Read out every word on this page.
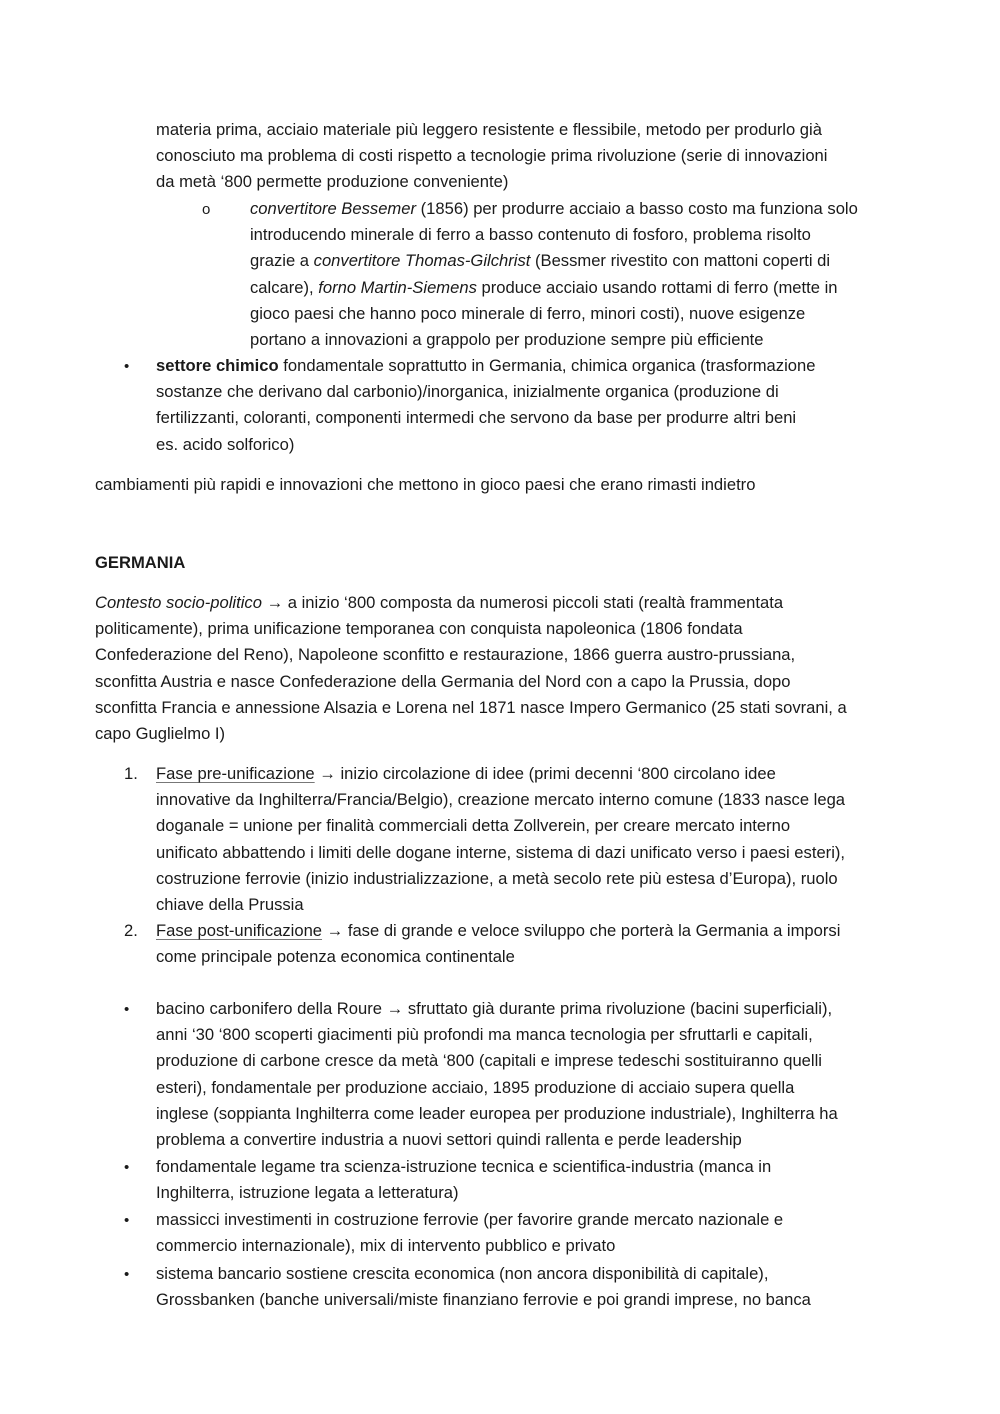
materia prima, acciaio materiale più leggero resistente e flessibile, metodo per produrlo già
conosciuto ma problema di costi rispetto a tecnologie prima rivoluzione (serie di innovazioni
da metà ‘800 permette produzione conveniente)
o convertitore Bessemer (1856) per produrre acciaio a basso costo ma funziona solo
introducendo minerale di ferro a basso contenuto di fosforo, problema risolto
grazie a convertitore Thomas-Gilchrist (Bessmer rivestito con mattoni coperti di
calcare), forno Martin-Siemens produce acciaio usando rottami di ferro (mette in
gioco paesi che hanno poco minerale di ferro, minori costi), nuove esigenze
portano a innovazioni a grappolo per produzione sempre più efficiente
• settore chimico fondamentale soprattutto in Germania, chimica organica (trasformazione
sostanze che derivano dal carbonio)/inorganica, inizialmente organica (produzione di
fertilizzanti, coloranti, componenti intermedi che servono da base per produrre altri beni
es. acido solforico)
cambiamenti più rapidi e innovazioni che mettono in gioco paesi che erano rimasti indietro
GERMANIA
Contesto socio-politico → a inizio ‘800 composta da numerosi piccoli stati (realtà frammentata
politicamente), prima unificazione temporanea con conquista napoleonica (1806 fondata
Confederazione del Reno), Napoleone sconfitto e restaurazione, 1866 guerra austro-prussiana,
sconfitta Austria e nasce Confederazione della Germania del Nord con a capo la Prussia, dopo
sconfitta Francia e annessione Alsazia e Lorena nel 1871 nasce Impero Germanico (25 stati sovrani, a
capo Guglielmo I)
1. Fase pre-unificazione → inizio circolazione di idee (primi decenni ‘800 circolano idee
innovative da Inghilterra/Francia/Belgio), creazione mercato interno comune (1833 nasce lega
doganale = unione per finalità commerciali detta Zollverein, per creare mercato interno
unificato abbattendo i limiti delle dogane interne, sistema di dazi unificato verso i paesi esteri),
costruzione ferrovie (inizio industrializzazione, a metà secolo rete più estesa d’Europa), ruolo
chiave della Prussia
2. Fase post-unificazione → fase di grande e veloce sviluppo che porterà la Germania a imporsi
come principale potenza economica continentale
• bacino carbonifero della Roure → sfruttato già durante prima rivoluzione (bacini superficiali),
anni ‘30 ‘800 scoperti giacimenti più profondi ma manca tecnologia per sfruttarli e capitali,
produzione di carbone cresce da metà ‘800 (capitali e imprese tedeschi sostituiranno quelli
esteri), fondamentale per produzione acciaio, 1895 produzione di acciaio supera quella
inglese (soppianta Inghilterra come leader europea per produzione industriale), Inghilterra ha
problema a convertire industria a nuovi settori quindi rallenta e perde leadership
• fondamentale legame tra scienza-istruzione tecnica e scientifica-industria (manca in
Inghilterra, istruzione legata a letteratura)
• massicci investimenti in costruzione ferrovie (per favorire grande mercato nazionale e
commercio internazionale), mix di intervento pubblico e privato
• sistema bancario sostiene crescita economica (non ancora disponibilità di capitale),
Grossbanken (banche universali/miste finanziano ferrovie e poi grandi imprese, no banca
